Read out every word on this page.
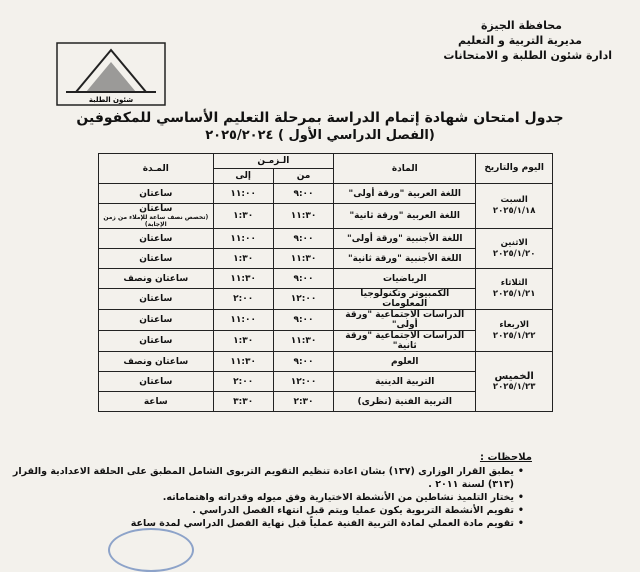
محافظة الجيزة
مديرية التربية و التعليم
ادارة شئون الطلبة و الامتحانات
شئون الطلبة
جدول امتحان شهادة إتمام الدراسة بمرحلة التعليم الأساسي للمكفوفين
(الفصل الدراسي الأول ) ٢٠٢٥/٢٠٢٤
اليوم والتاريخ	المادة	الـزمـن		المـدة
		من	إلى	

السبت
٢٠٢٥/١/١٨	اللغة العربية "ورقة أولى"	٩:٠٠	١١:٠٠	ساعتان
	اللغة العربية "ورقة ثانية"	١١:٣٠	١:٣٠	ساعتان
(تخصص نصف ساعة للإملاء من زمن الإجابة)

الاثنين
٢٠٢٥/١/٢٠	اللغة الأجنبية "ورقة أولى"	٩:٠٠	١١:٠٠	ساعتان
	اللغة الأجنبية "ورقة ثانية"	١١:٣٠	١:٣٠	ساعتان

الثلاثاء
٢٠٢٥/١/٢١	الرياضيات	٩:٠٠	١١:٣٠	ساعتان ونصف
	الكمبيوتر وتكنولوجيا المعلومات	١٢:٠٠	٢:٠٠	ساعتان

الاربعاء
٢٠٢٥/١/٢٢	الدراسات الاجتماعية "ورقة أولى"	٩:٠٠	١١:٠٠	ساعتان
	الدراسات الاجتماعية "ورقة ثانية"	١١:٣٠	١:٣٠	ساعتان

الخميس
٢٠٢٥/١/٢٣	العلوم	٩:٠٠	١١:٣٠	ساعتان ونصف
	التربية الدينية	١٢:٠٠	٢:٠٠	ساعتان
	التربية الفنية (نظرى)	٢:٣٠	٣:٣٠	ساعة
ملاحظات :
• يطبق القرار الوزارى (١٣٧) بشان اعادة تنظيم التقويم التربوى الشامل المطبق على الحلقة الاعدادية والقرار (٣١٣) لسنة ٢٠١١ .
• يختار التلميذ نشاطين من الأنشطة الاختيارية وفق ميوله وقدراته واهتماماته.
• تقويم الأنشطة التربوية يكون عمليا ويتم قبل انتهاء الفصل الدراسي .
• تقويم مادة العملي لمادة التربية الفنية عملياً قبل نهاية الفصل الدراسي لمدة ساعة
